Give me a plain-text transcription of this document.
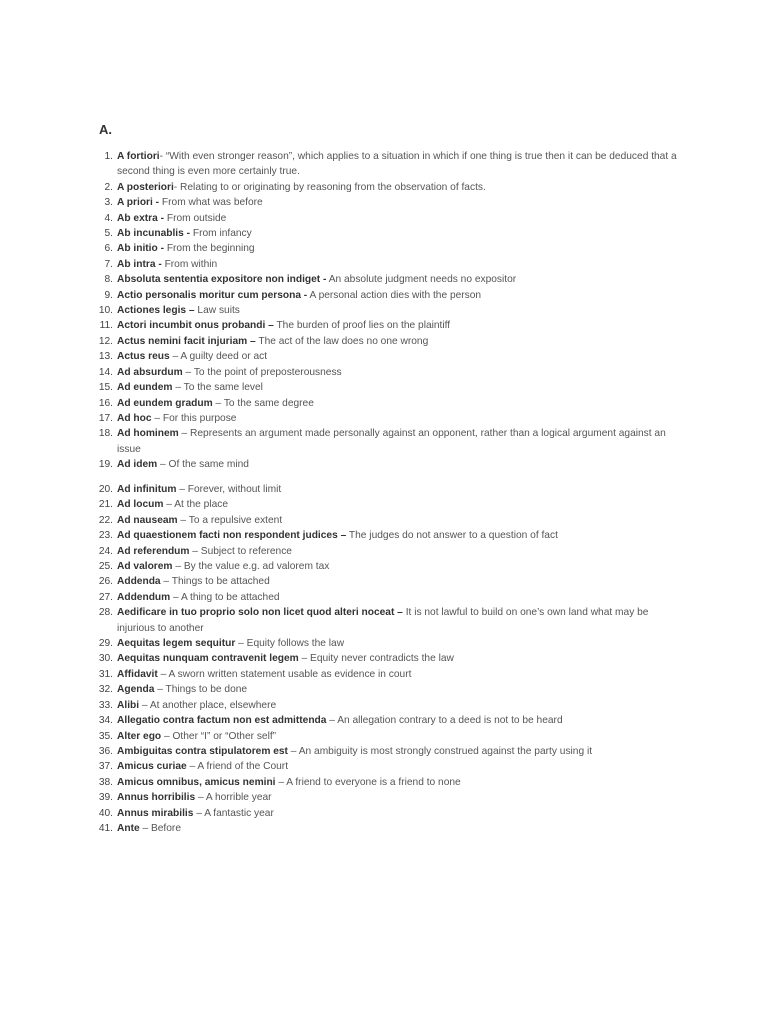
A.
1. A fortiori- “With even stronger reason”, which applies to a situation in which if one thing is true then it can be deduced that a second thing is even more certainly true.
2. A posteriori- Relating to or originating by reasoning from the observation of facts.
3. A priori - From what was before
4. Ab extra - From outside
5. Ab incunablis - From infancy
6. Ab initio - From the beginning
7. Ab intra - From within
8. Absoluta sententia expositore non indiget - An absolute judgment needs no expositor
9. Actio personalis moritur cum persona - A personal action dies with the person
10. Actiones legis – Law suits
11. Actori incumbit onus probandi – The burden of proof lies on the plaintiff
12. Actus nemini facit injuriam – The act of the law does no one wrong
13. Actus reus – A guilty deed or act
14. Ad absurdum – To the point of preposterousness
15. Ad eundem – To the same level
16. Ad eundem gradum – To the same degree
17. Ad hoc – For this purpose
18. Ad hominem – Represents an argument made personally against an opponent, rather than a logical argument against an issue
19. Ad idem – Of the same mind
20. Ad infinitum – Forever, without limit
21. Ad locum – At the place
22. Ad nauseam – To a repulsive extent
23. Ad quaestionem facti non respondent judices – The judges do not answer to a question of fact
24. Ad referendum – Subject to reference
25. Ad valorem – By the value e.g. ad valorem tax
26. Addenda – Things to be attached
27. Addendum – A thing to be attached
28. Aedificare in tuo proprio solo non licet quod alteri noceat – It is not lawful to build on one’s own land what may be injurious to another
29. Aequitas legem sequitur – Equity follows the law
30. Aequitas nunquam contravenit legem – Equity never contradicts the law
31. Affidavit – A sworn written statement usable as evidence in court
32. Agenda – Things to be done
33. Alibi – At another place, elsewhere
34. Allegatio contra factum non est admittenda – An allegation contrary to a deed is not to be heard
35. Alter ego – Other “I” or “Other self”
36. Ambiguitas contra stipulatorem est – An ambiguity is most strongly construed against the party using it
37. Amicus curiae – A friend of the Court
38. Amicus omnibus, amicus nemini – A friend to everyone is a friend to none
39. Annus horribilis – A horrible year
40. Annus mirabilis – A fantastic year
41. Ante – Before
